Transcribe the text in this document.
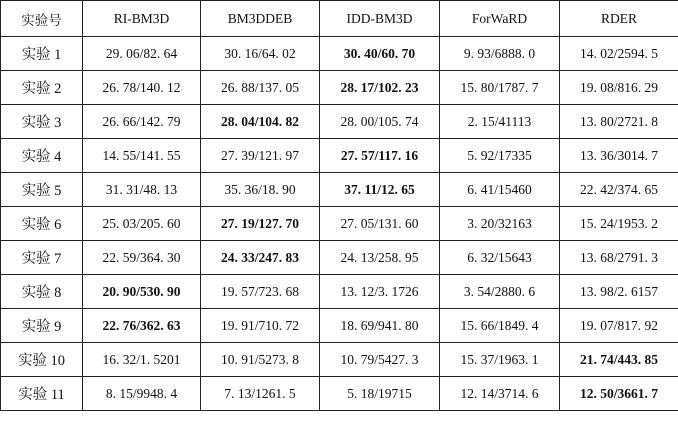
实验号	RI-BM3D	BM3DDEB	IDD-BM3D	ForWaRD	RDER
实验 1	29. 06/82. 64	30. 16/64. 02	30. 40/60. 70	9. 93/6888. 0	14. 02/2594. 5
实验 2	26. 78/140. 12	26. 88/137. 05	28. 17/102. 23	15. 80/1787. 7	19. 08/816. 29
实验 3	26. 66/142. 79	28. 04/104. 82	28. 00/105. 74	2. 15/41113	13. 80/2721. 8
实验 4	14. 55/141. 55	27. 39/121. 97	27. 57/117. 16	5. 92/17335	13. 36/3014. 7
实验 5	31. 31/48. 13	35. 36/18. 90	37. 11/12. 65	6. 41/15460	22. 42/374. 65
实验 6	25. 03/205. 60	27. 19/127. 70	27. 05/131. 60	3. 20/32163	15. 24/1953. 2
实验 7	22. 59/364. 30	24. 33/247. 83	24. 13/258. 95	6. 32/15643	13. 68/2791. 3
实验 8	20. 90/530. 90	19. 57/723. 68	13. 12/3. 1726	3. 54/2880. 6	13. 98/2. 6157
实验 9	22. 76/362. 63	19. 91/710. 72	18. 69/941. 80	15. 66/1849. 4	19. 07/817. 92
实验 10	16. 32/1. 5201	10. 91/5273. 8	10. 79/5427. 3	15. 37/1963. 1	21. 74/443. 85
实验 11	8. 15/9948. 4	7. 13/1261. 5	5. 18/19715	12. 14/3714. 6	12. 50/3661. 7
